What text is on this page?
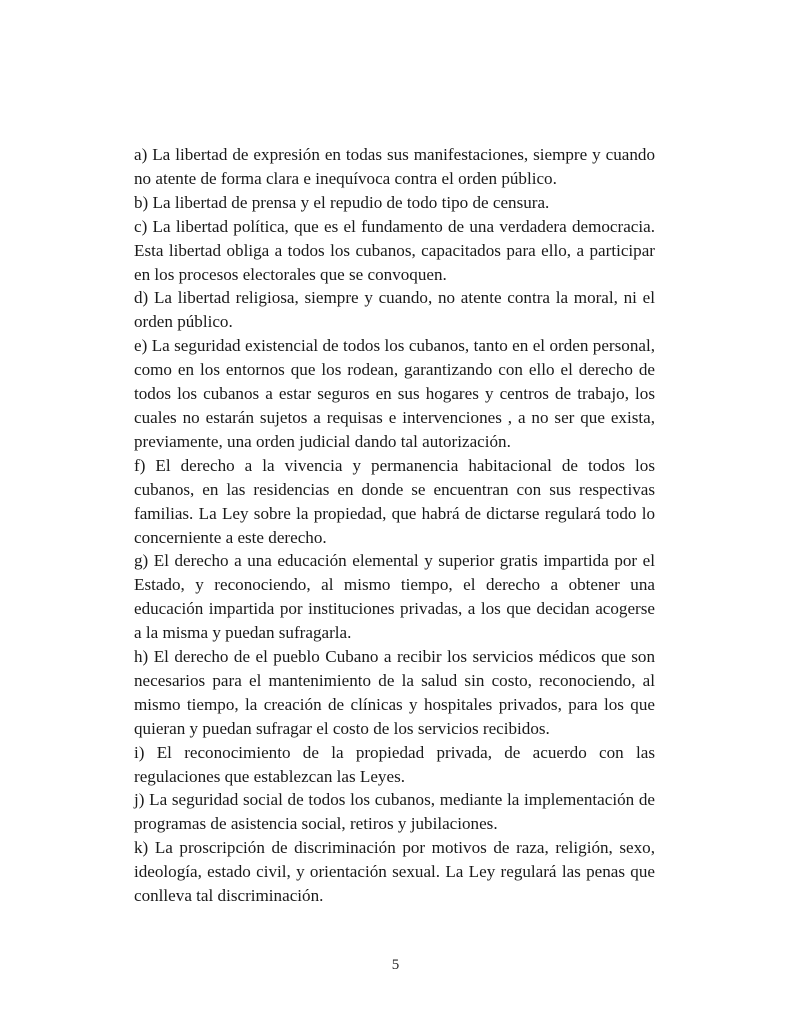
a) La libertad de expresión en todas sus manifestaciones, siempre y cuando no atente de forma clara e inequívoca contra el orden público.

b) La libertad de prensa y el repudio de todo tipo de censura.

c) La libertad política, que es el fundamento de una verdadera democracia. Esta libertad obliga a todos los cubanos, capacitados para ello, a participar en los procesos electorales que se convoquen.

d) La libertad religiosa, siempre y cuando, no atente contra la moral, ni el orden público.

e) La seguridad existencial de todos los cubanos, tanto en el orden personal, como en los entornos que los rodean, garantizando con ello el derecho de todos los cubanos a estar seguros en sus hogares y centros de trabajo, los cuales no estarán sujetos a requisas e intervenciones , a no ser que exista, previamente, una orden judicial dando tal autorización.

f) El derecho a la vivencia y permanencia habitacional de todos los cubanos, en las residencias en donde se encuentran con sus respectivas familias. La Ley sobre la propiedad, que habrá de dictarse regulará todo lo concerniente a este derecho.

g) El derecho a una educación elemental y superior gratis impartida por el Estado, y reconociendo, al mismo tiempo, el derecho a obtener una educación impartida por instituciones privadas, a los que decidan acogerse a la misma y puedan sufragarla.

h) El derecho de el pueblo Cubano a recibir los servicios médicos que son necesarios para el mantenimiento de la salud sin costo, reconociendo, al mismo tiempo, la creación de clínicas y hospitales privados, para los que quieran y puedan sufragar el costo de los servicios recibidos.

i) El reconocimiento de la propiedad privada, de acuerdo con las regulaciones que establezcan las Leyes.

j) La seguridad social de todos los cubanos, mediante la implementación de programas de asistencia social, retiros y jubilaciones.

k) La proscripción de discriminación por motivos de raza, religión, sexo, ideología, estado civil, y orientación sexual. La Ley regulará las penas que conlleva tal discriminación.

5
